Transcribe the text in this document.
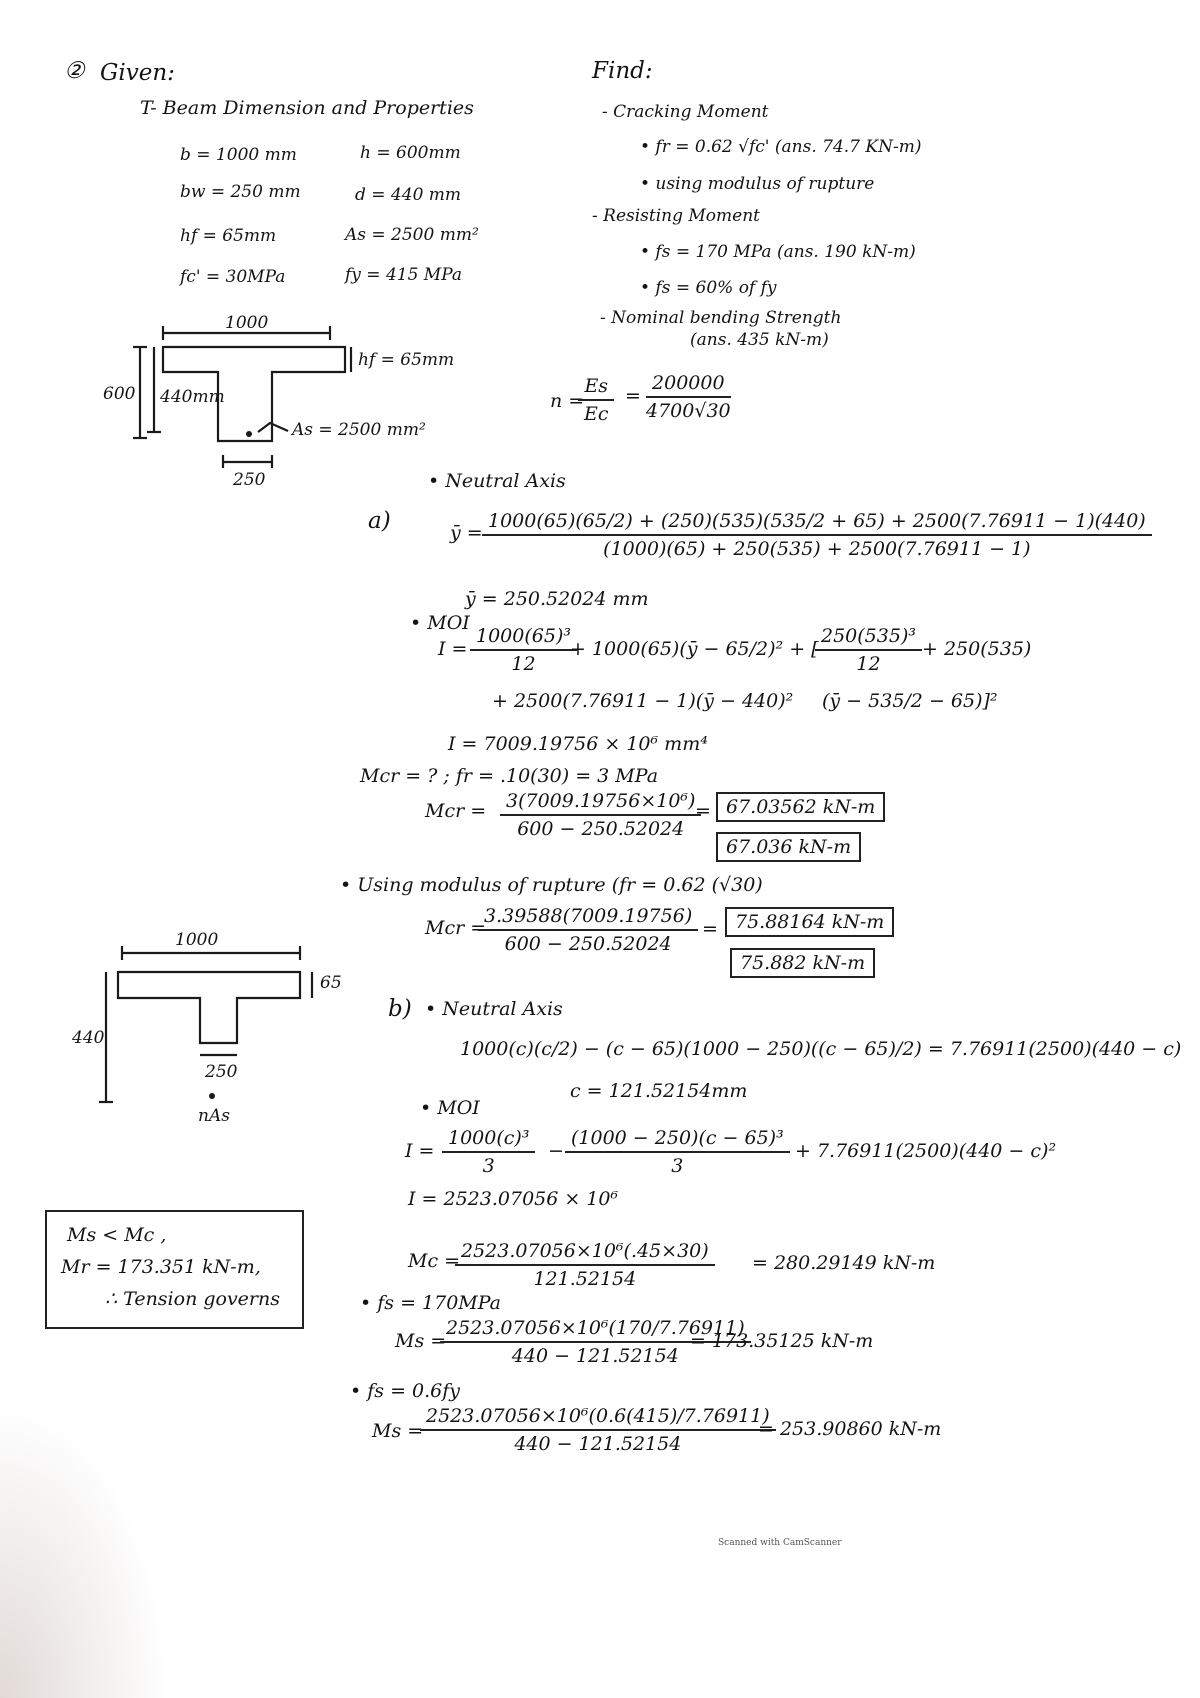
② Given:	Find:
T- Beam Dimension and Properties
b = 1000 mm	h = 600mm
bw = 250 mm	d = 440 mm
hf = 65mm	As = 2500 mm²
fc' = 30MPa	fy = 415 MPa
- Cracking Moment
• fr = 0.62 √fc' (ans. 74.7 KN-m)
• using modulus of rupture
- Resisting Moment
• fs = 170 MPa (ans. 190 kN-m)
• fs = 60% of fy
- Nominal bending Strength
(ans. 435 kN-m)
1000
600 440mm
hf = 65mm
As = 2500 mm²
250
n =
$\frac{Es}{Ec} = \frac{200000}{4700√30}$
• Neutral Axis
a)	ȳ =
1000(65)(65/2) + (250)(535)(535/2 + 65) + 2500(7.76911 − 1)(440)
(1000)(65) + 250(535) + 2500(7.76911 − 1)
ȳ = 250.52024 mm
• MOI
$I = \frac{\text{1000(65)³}}{12}$
+ 1000(65)(ȳ − 65/2)² + [
$\frac{\text{250(535)³}}{12} + 250(535)$
+ 2500(7.76911 − 1)(ȳ − 440)² (ȳ − 535/2 − 65)]²
I = 7009.19756 × 10⁶ mm⁴
Mcr = ? ; fr = .10(30) = 3 MPa
Mcr = $\frac{\text{3(7009.19756×10⁶)}}{600 - 250.52024}$
= 67.03562 kN-m
67.036 kN-m
• Using modulus of rupture (fr = 0.62 (√30)
Mcr =
$\frac{3.39588(7009.19756)}{600 - 250.52024} = 75.88164$ kN-m
75.882 kN-m
1000
440
65
250
nAs
b) • Neutral Axis
1000(c)(c/2) − (c − 65)(1000 − 250)((c − 65)/2) = 7.76911(2500)(440 − c)
c = 121.52154mm
• MOI
$I = \frac{\text{1000(c)³}}{3} - \frac{\text{(1000 − 250)(c − 65)³}}{3} + 7.76911(2500)(440 - c)^2$
I = 2523.07056 × 10⁶
Mc =
$\frac{\text{2523.07056×10⁶(.45×30)}}{121.52154} = 280.29149$ kN-m
• fs = 170MPa
Ms =
$\frac{\text{2523.07056×10⁶(170/7.76911)}}{440 - 121.52154}$
= 173.35125 kN-m
• fs = 0.6fy
Ms =
$\frac{\text{2523.07056×10⁶(0.6(415)/7.76911)}}{440 - 121.52154}$
= 253.90860 kN-m
Ms < Mc ,
Mr = 173.351 kN-m,
∴ Tension governs
Scanned with CamScanner
